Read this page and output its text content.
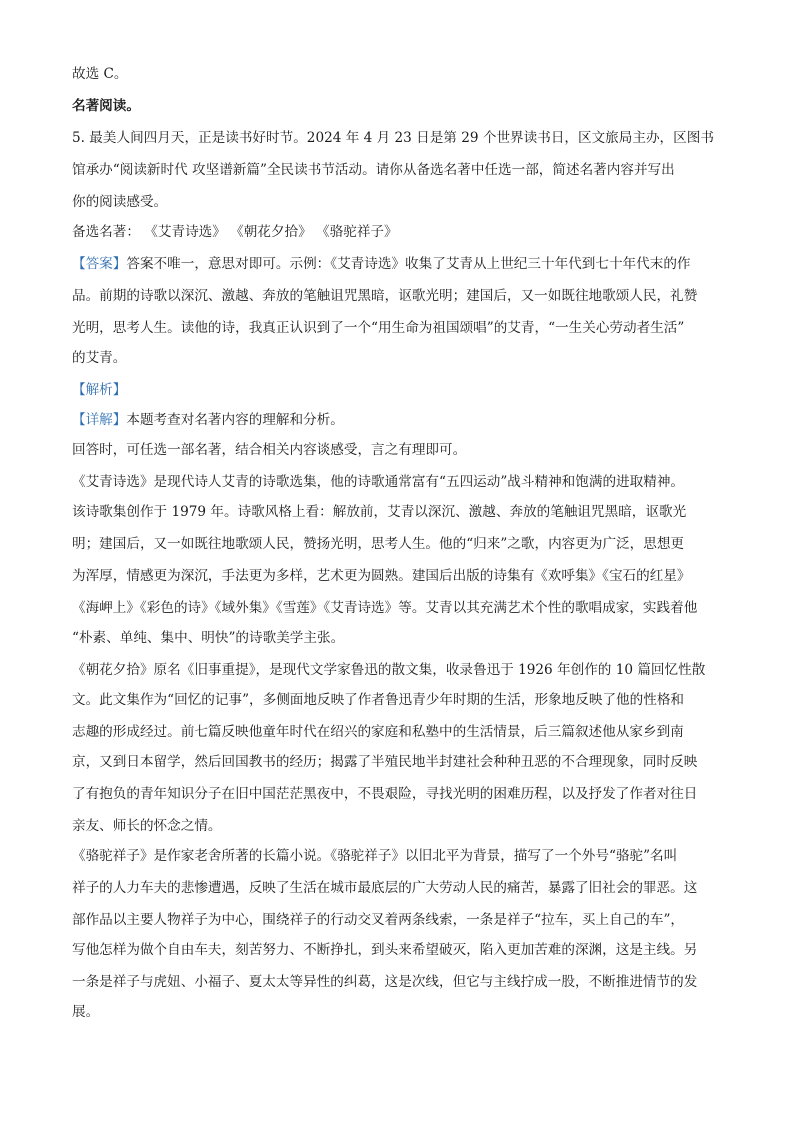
故选 C。
名著阅读。
5. 最美人间四月天，正是读书好时节。2024 年 4 月 23 日是第 29 个世界读书日，区文旅局主办，区图书
馆承办“阅读新时代 攻坚谱新篇”全民读书节活动。请你从备选名著中任选一部，简述名著内容并写出
你的阅读感受。
备选名著： 《艾青诗选》 《朝花夕拾》 《骆驼祥子》
【答案】答案不唯一，意思对即可。示例：《艾青诗选》收集了艾青从上世纪三十年代到七十年代末的作
品。前期的诗歌以深沉、激越、奔放的笔触诅咒黑暗，讴歌光明；建国后，又一如既往地歌颂人民，礼赞
光明，思考人生。读他的诗，我真正认识到了一个“用生命为祖国颂唱”的艾青，“一生关心劳动者生活”
的艾青。
【解析】
【详解】本题考查对名著内容的理解和分析。
回答时，可任选一部名著，结合相关内容谈感受，言之有理即可。
《艾青诗选》是现代诗人艾青的诗歌选集，他的诗歌通常富有“五四运动”战斗精神和饱满的进取精神。
该诗歌集创作于 1979 年。诗歌风格上看：解放前，艾青以深沉、激越、奔放的笔触诅咒黑暗，讴歌光
明；建国后，又一如既往地歌颂人民，赞扬光明，思考人生。他的“归来”之歌，内容更为广泛，思想更
为浑厚，情感更为深沉，手法更为多样，艺术更为圆熟。建国后出版的诗集有《欢呼集》《宝石的红星》
《海岬上》《彩色的诗》《域外集》《雪莲》《艾青诗选》等。艾青以其充满艺术个性的歌唱成家，实践着他
“朴素、单纯、集中、明快”的诗歌美学主张。
《朝花夕拾》原名《旧事重提》，是现代文学家鲁迅的散文集，收录鲁迅于 1926 年创作的 10 篇回忆性散
文。此文集作为“回忆的记事”，多侧面地反映了作者鲁迅青少年时期的生活，形象地反映了他的性格和
志趣的形成经过。前七篇反映他童年时代在绍兴的家庭和私塾中的生活情景，后三篇叙述他从家乡到南
京，又到日本留学，然后回国教书的经历；揭露了半殖民地半封建社会种种丑恶的不合理现象，同时反映
了有抱负的青年知识分子在旧中国茫茫黑夜中，不畏艰险，寻找光明的困难历程，以及抒发了作者对往日
亲友、师长的怀念之情。
《骆驼祥子》是作家老舍所著的长篇小说。《骆驼祥子》以旧北平为背景，描写了一个外号“骆驼”名叫
祥子的人力车夫的悲惨遭遇，反映了生活在城市最底层的广大劳动人民的痛苦，暴露了旧社会的罪恶。这
部作品以主要人物祥子为中心，围绕祥子的行动交叉着两条线索，一条是祥子“拉车，买上自己的车”，
写他怎样为做个自由车夫，刻苦努力、不断挣扎，到头来希望破灭，陷入更加苦难的深渊，这是主线。另
一条是祥子与虎妞、小福子、夏太太等异性的纠葛，这是次线，但它与主线拧成一股，不断推进情节的发
展。
